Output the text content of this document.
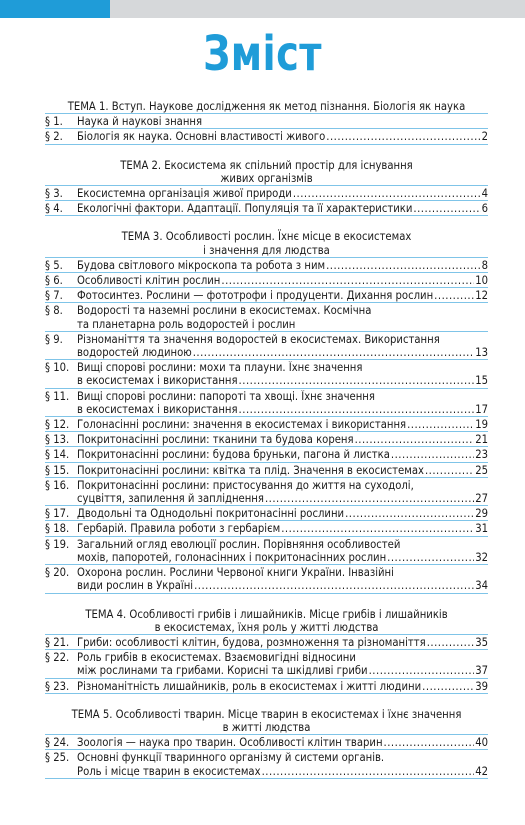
Зміст
ТЕМА 1. Вступ. Наукове дослідження як метод пізнання. Біологія як наука
§ 1.	Наука й наукові знання
§ 2.	Біологія як наука. Основні властивості живого .....	2
ТЕМА 2. Екосистема як спільний простір для існування
живих організмів
§ 3.	Екосистемна організація живої природи .....	4
§ 4.	Екологічні фактори. Адаптації. Популяція та її характеристики .....	6
ТЕМА 3. Особливості рослин. Їхнє місце в екосистемах
і значення для людства
§ 5.	Будова світлового мікроскопа та робота з ним .....	8
§ 6.	Особливості клітин рослин .....	10
§ 7.	Фотосинтез. Рослини — фототрофи і продуценти. Дихання рослин .....	12
§ 8.	Водорості та наземні рослини в екосистемах. Космічна
та планетарна роль водоростей і рослин
§ 9.	Різноманіття та значення водоростей в екосистемах. Використання
водоростей людиною .....	13
§ 10. Вищі спорові рослини: мохи та плауни. Їхнє значення
в екосистемах і використання .....	15
§ 11. Вищі спорові рослини: папороті та хвощі. Їхнє значення
в екосистемах і використання .....	17
§ 12. Голонасінні рослини: значення в екосистемах і використання .....	19
§ 13. Покритонасінні рослини: тканини та будова кореня .....	21
§ 14. Покритонасінні рослини: будова бруньки, пагона й листка .....	23
§ 15. Покритонасінні рослини: квітка та плід. Значення в екосистемах .....	25
§ 16. Покритонасінні рослини: пристосування до життя на суходолі,
суцвіття, запилення й запліднення .....	27
§ 17. Дводольні та Однодольні покритонасінні рослини .....	29
§ 18. Гербарій. Правила роботи з гербарієм .....	31
§ 19. Загальний огляд еволюції рослин. Порівняння особливостей
мохів, папоротей, голонасінних і покритонасінних рослин .....	32
§ 20. Охорона рослин. Рослини Червоної книги України. Інвазійні
види рослин в Україні .....	34
ТЕМА 4. Особливості грибів і лишайників. Місце грибів і лишайників
в екосистемах, їхня роль у житті людства
§ 21. Гриби: особливості клітин, будова, розмноження та різноманіття .....	35
§ 22. Роль грибів в екосистемах. Взаємовигідні відносини
між рослинами та грибами. Корисні та шкідливі гриби .....	37
§ 23. Різноманітність лишайників, роль в екосистемах і житті людини .....	39
ТЕМА 5. Особливості тварин. Місце тварин в екосистемах і їхнє значення
в житті людства
§ 24. Зоологія — наука про тварин. Особливості клітин тварин .....	40
§ 25. Основні функції тваринного організму й системи органів.
Роль і місце тварин в екосистемах .....	42
